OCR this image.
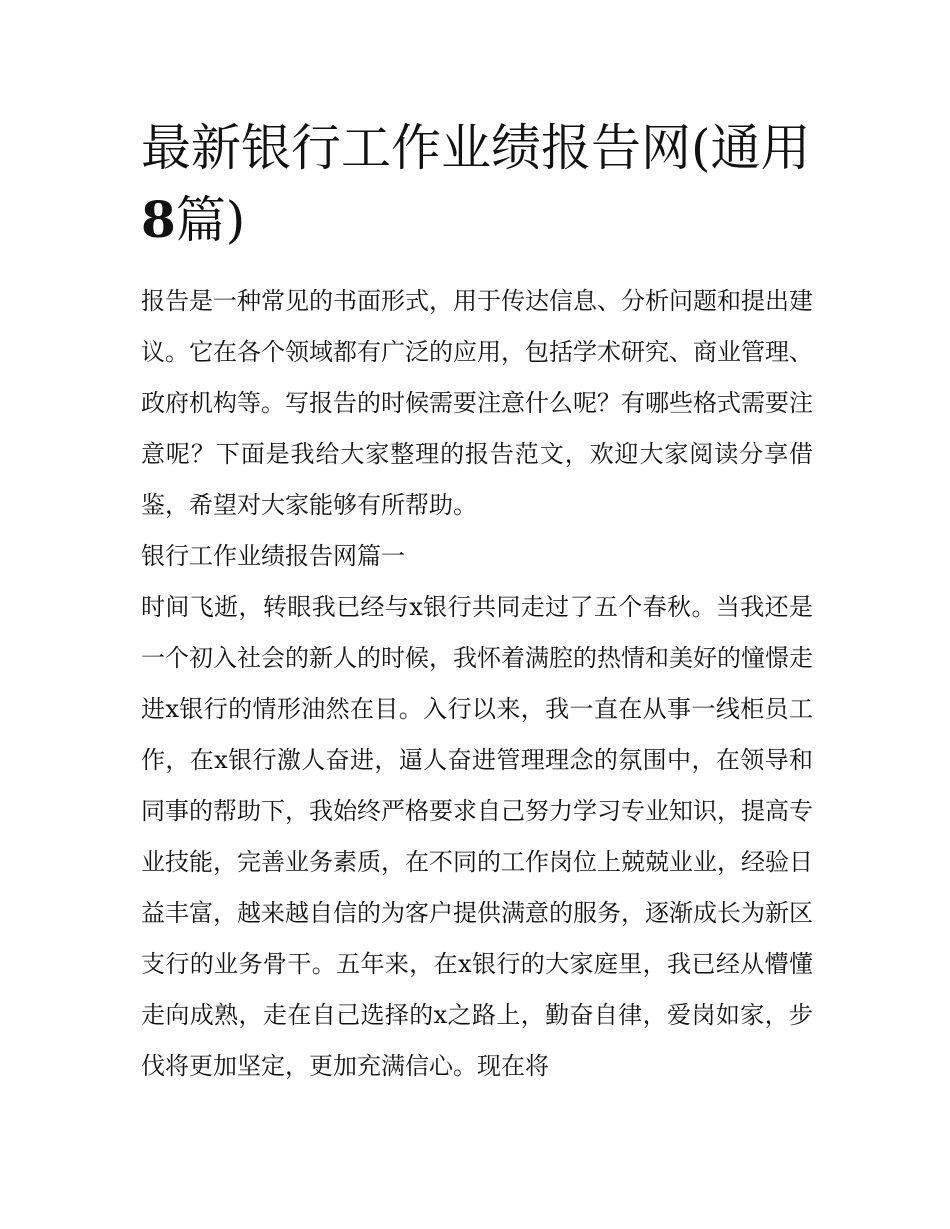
最新银行工作业绩报告网(通用8篇)

报告是一种常见的书面形式，用于传达信息、分析问题和提出建议。它在各个领域都有广泛的应用，包括学术研究、商业管理、政府机构等。写报告的时候需要注意什么呢？有哪些格式需要注意呢？下面是我给大家整理的报告范文，欢迎大家阅读分享借鉴，希望对大家能够有所帮助。

银行工作业绩报告网篇一

时间飞逝，转眼我已经与x银行共同走过了五个春秋。当我还是一个初入社会的新人的时候，我怀着满腔的热情和美好的憧憬走进x银行的情形油然在目。入行以来，我一直在从事一线柜员工作，在x银行激人奋进，逼人奋进管理理念的氛围中，在领导和同事的帮助下，我始终严格要求自己努力学习专业知识，提高专业技能，完善业务素质，在不同的工作岗位上兢兢业业，经验日益丰富，越来越自信的为客户提供满意的服务，逐渐成长为新区支行的业务骨干。五年来，在x银行的大家庭里，我已经从懵懂走向成熟，走在自己选择的x之路上，勤奋自律，爱岗如家，步伐将更加坚定，更加充满信心。现在将
